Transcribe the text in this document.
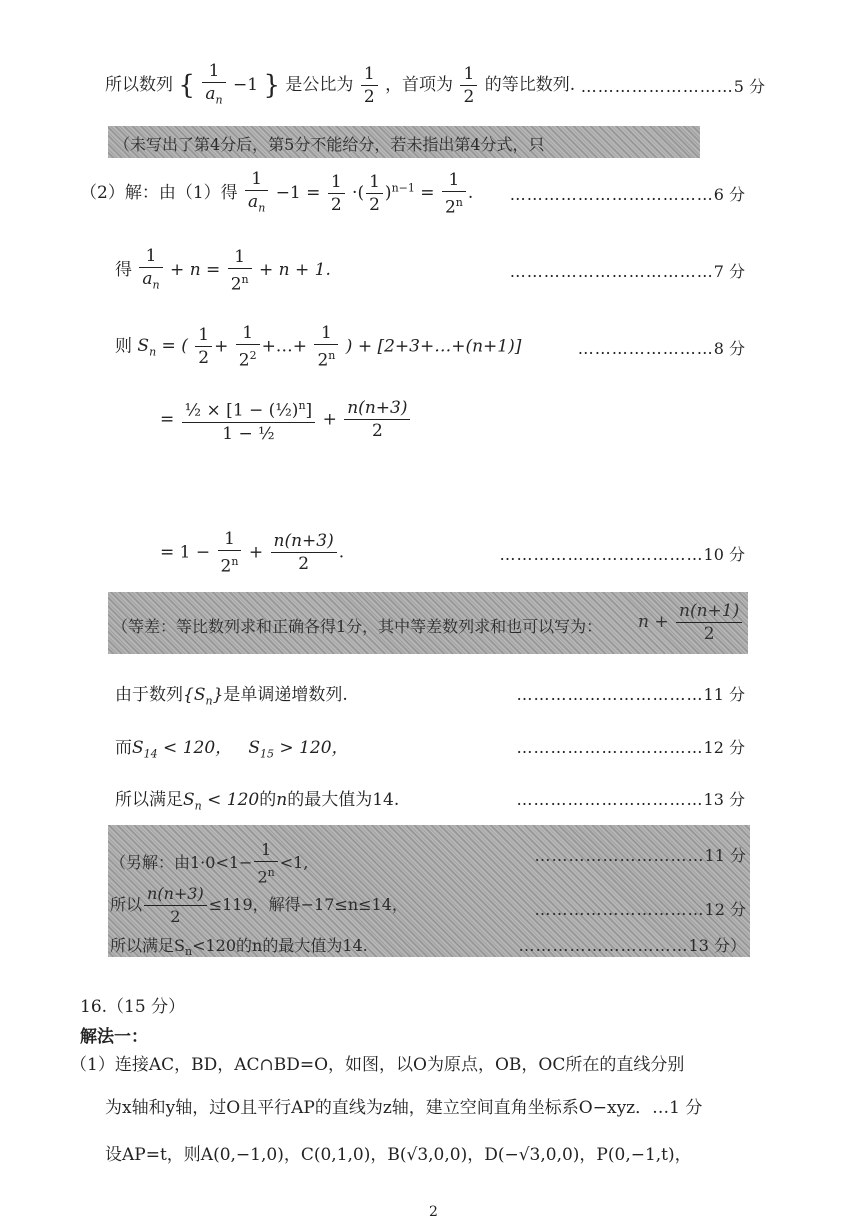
所以数列 { $\frac{1}{a_n} -1$ } 是公比为 $\frac{1}{2}$ ，首项为 $\frac{1}{2}$ 的等比数列. ………………………5 分
（未写出了第4分后，第5分不能给分，若未指出第4分式，只
（2）解：由（1）得 $\frac{1}{a_n} -1 = \frac{1}{2}$ ·( $\frac{1}{2} )^{n-1} = \frac{1}{2^n}$ . ………………………………6 分
得 $\frac{1}{a_n} + n = \frac{1}{2^n} + n + 1$.	………………………………7 分
则 $S_n$ = ( $\frac{1}{2} + \frac{1}{2^2}$ +…+ $\frac{1}{2^n}$ ) + [2+3+…+(n+1)]	……………………8 分
= $\frac{\frac{1}{2} \times [1 - (\frac{1}{2})^n]}{\text{1 − ½}} + \frac{n(n+3)}{2}$
= $1 - \frac{1}{2^n} + \frac{n(n+3)}{2}$ .	………………………………10 分
（等差：等比数列求和正确各得1分，其中等差数列求和也可以写为： $n + \frac{n(n+1)}{2}$
由于数列$\{S_n\}$是单调递增数列.	……………………………11 分
而$S_{14} < 120$，   $S_{15} > 120$，	……………………………12 分
所以满足$S_n < 120$的n的最大值为14.	……………………………13 分
（另解：由$1\cdot 0<1- \frac{1}{2^n} <1$,	…………………………11 分
所以 $\frac{n(n+3)}{2} \le 119$，解得−17≤n≤14，	…………………………12 分
所以满足$S_n<120$的n的最大值为14.	…………………………13 分）
16.（15 分）
解法一：
（1）连接AC，BD，AC∩BD=O，如图，以O为原点，OB，OC所在的直线分别
为x轴和y轴，过O且平行AP的直线为z轴，建立空间直角坐标系O−xyz．…1 分
设AP=t，则A(0,−1,0)，C(0,1,0)，B(√3,0,0)，D(−√3,0,0)，P(0,−1,t)，
2
